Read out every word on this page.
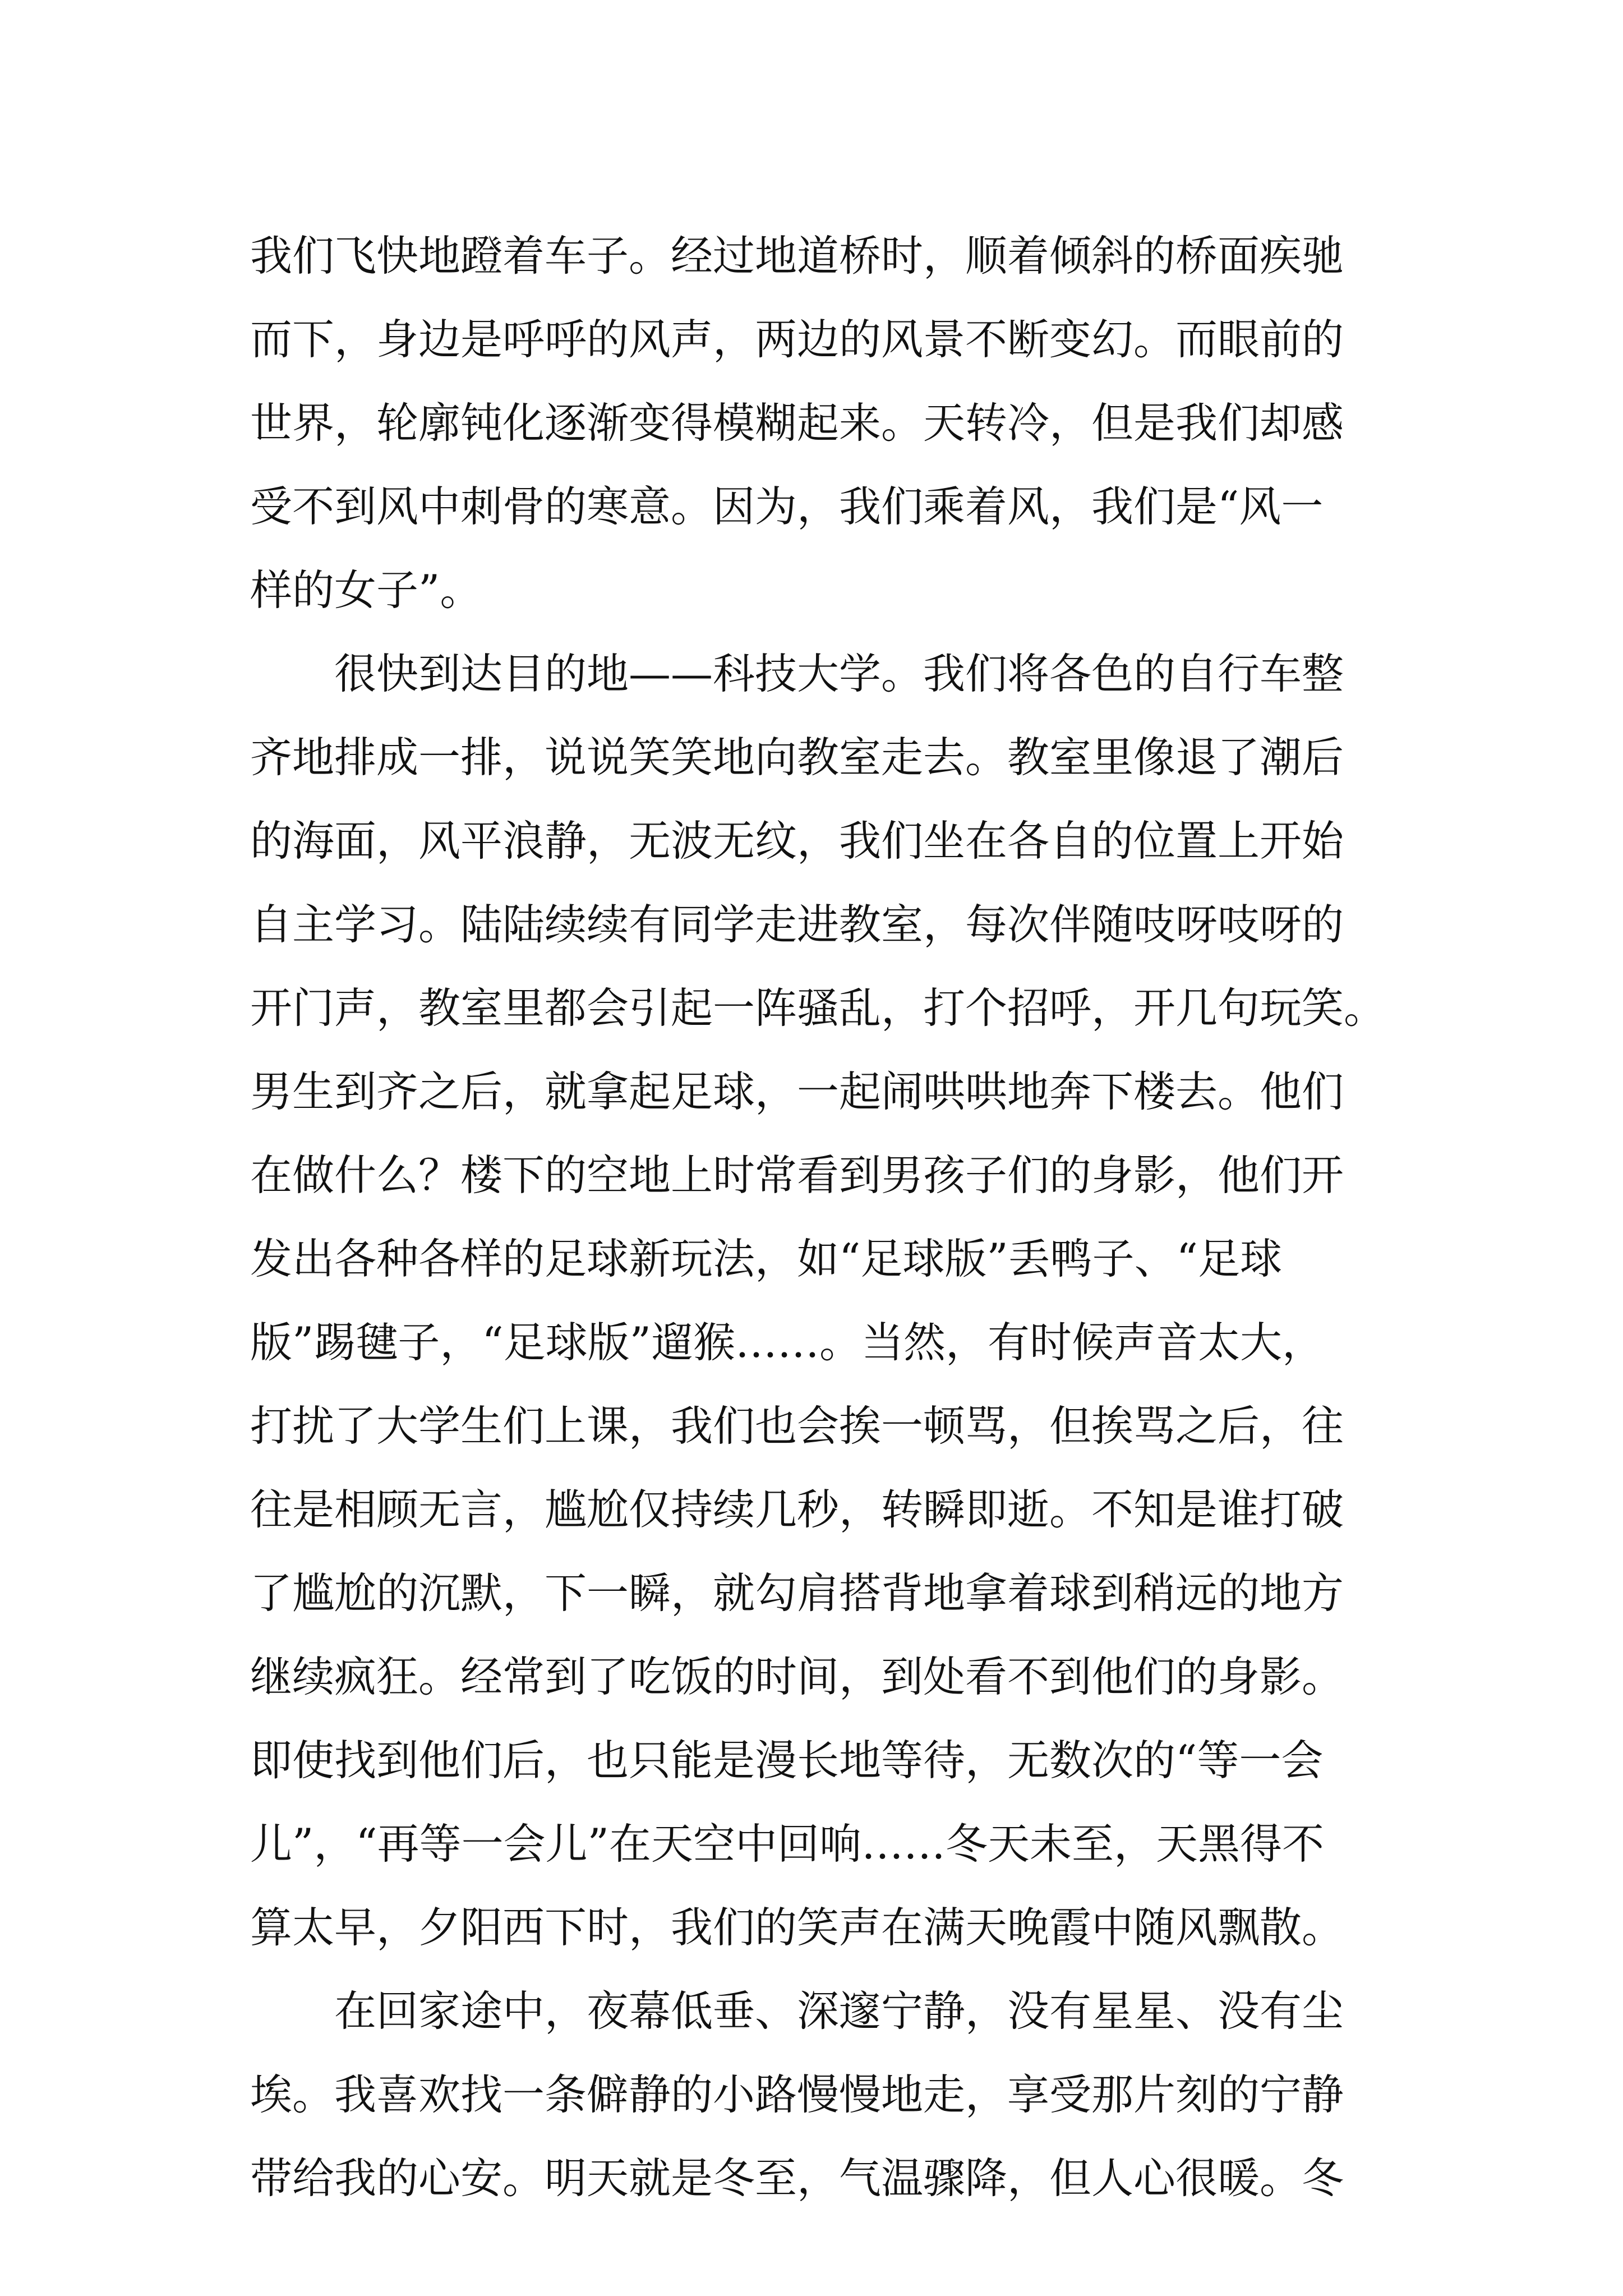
我们飞快地蹬着车子。经过地道桥时，顺着倾斜的桥面疾驰
而下，身边是呼呼的风声，两边的风景不断变幻。而眼前的
世界，轮廓钝化逐渐变得模糊起来。天转冷，但是我们却感
受不到风中刺骨的寒意。因为，我们乘着风，我们是“风一
样的女子”。
很快到达目的地——科技大学。我们将各色的自行车整
齐地排成一排，说说笑笑地向教室走去。教室里像退了潮后
的海面，风平浪静，无波无纹，我们坐在各自的位置上开始
自主学习。陆陆续续有同学走进教室，每次伴随吱呀吱呀的
开门声，教室里都会引起一阵骚乱，打个招呼，开几句玩笑。
男生到齐之后，就拿起足球，一起闹哄哄地奔下楼去。他们
在做什么？楼下的空地上时常看到男孩子们的身影，他们开
发出各种各样的足球新玩法，如“足球版”丢鸭子、“足球
版”踢毽子，“足球版”遛猴……。当然，有时候声音太大，
打扰了大学生们上课，我们也会挨一顿骂，但挨骂之后，往
往是相顾无言，尴尬仅持续几秒，转瞬即逝。不知是谁打破
了尴尬的沉默，下一瞬，就勾肩搭背地拿着球到稍远的地方
继续疯狂。经常到了吃饭的时间，到处看不到他们的身影。
即使找到他们后，也只能是漫长地等待，无数次的“等一会
儿”，“再等一会儿”在天空中回响……冬天未至，天黑得不
算太早，夕阳西下时，我们的笑声在满天晚霞中随风飘散。
在回家途中，夜幕低垂、深邃宁静，没有星星、没有尘
埃。我喜欢找一条僻静的小路慢慢地走，享受那片刻的宁静
带给我的心安。明天就是冬至，气温骤降，但人心很暖。冬
